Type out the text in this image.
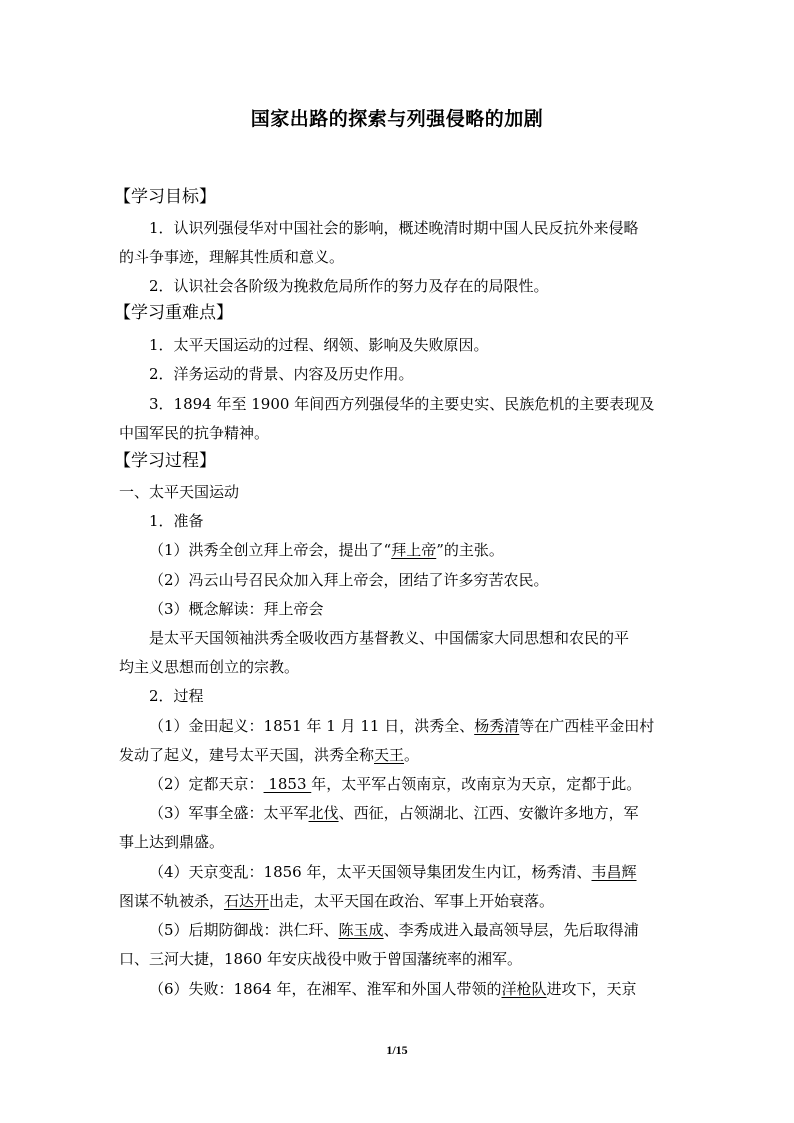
国家出路的探索与列强侵略的加剧
【学习目标】
1．认识列强侵华对中国社会的影响，概述晚清时期中国人民反抗外来侵略
的斗争事迹，理解其性质和意义。
2．认识社会各阶级为挽救危局所作的努力及存在的局限性。
【学习重难点】
1．太平天国运动的过程、纲领、影响及失败原因。
2．洋务运动的背景、内容及历史作用。
3．1894 年至 1900 年间西方列强侵华的主要史实、民族危机的主要表现及
中国军民的抗争精神。
【学习过程】
一、太平天国运动
1．准备
（1）洪秀全创立拜上帝会，提出了“拜上帝”的主张。
（2）冯云山号召民众加入拜上帝会，团结了许多穷苦农民。
（3）概念解读：拜上帝会
是太平天国领袖洪秀全吸收西方基督教义、中国儒家大同思想和农民的平
均主义思想而创立的宗教。
2．过程
（1）金田起义：1851 年 1 月 11 日，洪秀全、杨秀清等在广西桂平金田村
发动了起义，建号太平天国，洪秀全称天王。
（2）定都天京： 1853 年，太平军占领南京，改南京为天京，定都于此。
（3）军事全盛：太平军北伐、西征，占领湖北、江西、安徽许多地方，军
事上达到鼎盛。
（4）天京变乱：1856 年，太平天国领导集团发生内讧，杨秀清、韦昌辉
图谋不轨被杀，石达开出走，太平天国在政治、军事上开始衰落。
（5）后期防御战：洪仁玕、陈玉成、李秀成进入最高领导层，先后取得浦
口、三河大捷，1860 年安庆战役中败于曾国藩统率的湘军。
（6）失败：1864 年，在湘军、淮军和外国人带领的洋枪队进攻下，天京
1/15
